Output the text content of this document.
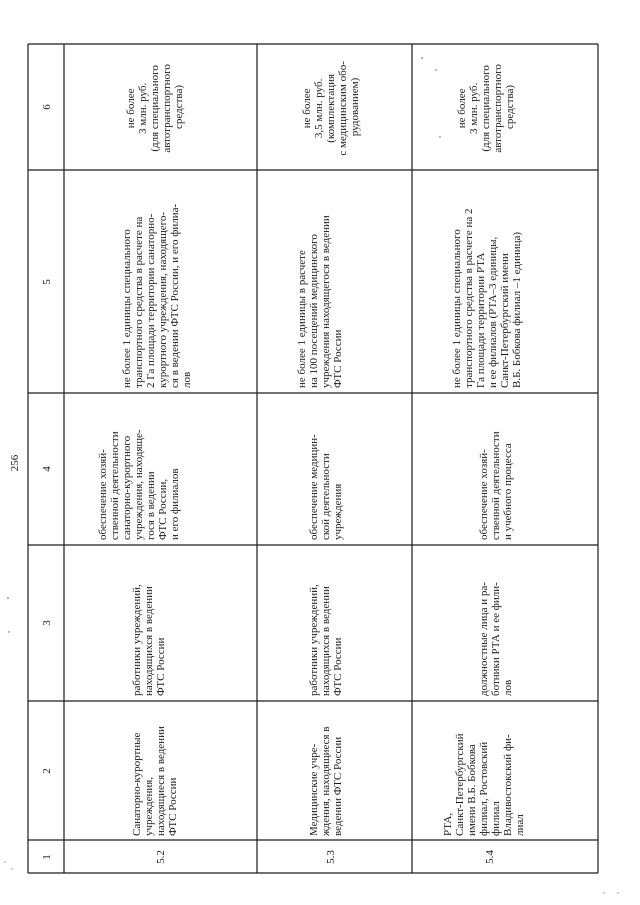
256
1
2
3
4
5
6
5.2	5.3	5.4
Санаторно-курортные учреждения, находящиеся в ведении ФТС России
работники учреждений, находящихся в ведении ФТС России
обеспечение хозяй- ственной деятельности санаторно-курортного учреждения, находяще- гося в ведении ФТС России, и его филиалов
не более 1 единицы специального транспортного средства в расчете на 2 Га площади территории санаторно- курортного учреждения, находящего- ся в ведении ФТС России, и его филиа- лов
не более 3 млн. руб. (для специального автотранспортного средства)
Медицинские учре- ждения, находящиеся в ведении ФТС России
работники учреждений, находящихся в ведении ФТС России
обеспечение медицин- ской деятельности учреждения
не более 1 единицы в расчете на 100 посещений медицинского учреждения находящегося в ведении ФТС России
не более 3,5 млн. руб. (комплектация с медицинским обо- рудованием)
РТА, Санкт-Петербургский имени В.Б. Бобкова филиал, Ростовский филиал Владивостокский фи- лиал
должностные лица и ра- ботники РТА и ее фили- лов
обеспечение хозяй- ственной деятельности и учебного процесса
не более 1 единицы специального транспортного средства в расчете на 2 Га площади территории РТА и ее филиалов (РТА–3 единицы, Санкт-Петербургский имени В.Б. Бобкова филиал –1 единица)
не более 3 млн. руб. (для специального автотранспортного средства)
